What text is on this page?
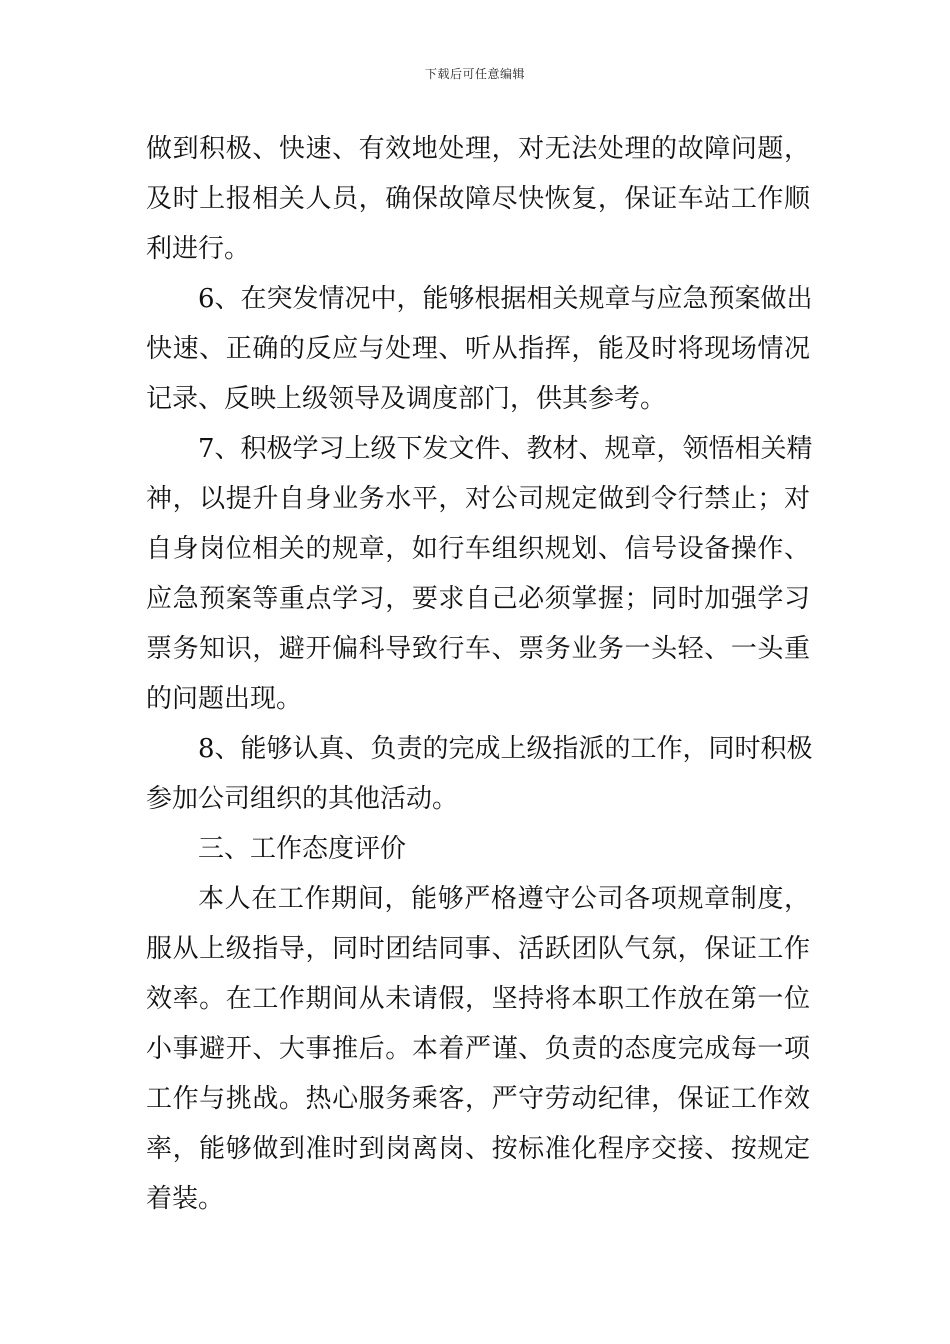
下载后可任意编辑
做到积极、快速、有效地处理，对无法处理的故障问题，
及时上报相关人员，确保故障尽快恢复，保证车站工作顺
利进行。
6、在突发情况中，能够根据相关规章与应急预案做出
快速、正确的反应与处理、听从指挥，能及时将现场情况
记录、反映上级领导及调度部门，供其参考。
7、积极学习上级下发文件、教材、规章，领悟相关精
神，以提升自身业务水平，对公司规定做到令行禁止；对
自身岗位相关的规章，如行车组织规划、信号设备操作、
应急预案等重点学习，要求自己必须掌握；同时加强学习
票务知识，避开偏科导致行车、票务业务一头轻、一头重
的问题出现。
8、能够认真、负责的完成上级指派的工作，同时积极
参加公司组织的其他活动。
三、工作态度评价
本人在工作期间，能够严格遵守公司各项规章制度，
服从上级指导，同时团结同事、活跃团队气氛，保证工作
效率。在工作期间从未请假，坚持将本职工作放在第一位
小事避开、大事推后。本着严谨、负责的态度完成每一项
工作与挑战。热心服务乘客，严守劳动纪律，保证工作效
率，能够做到准时到岗离岗、按标准化程序交接、按规定
着装。
